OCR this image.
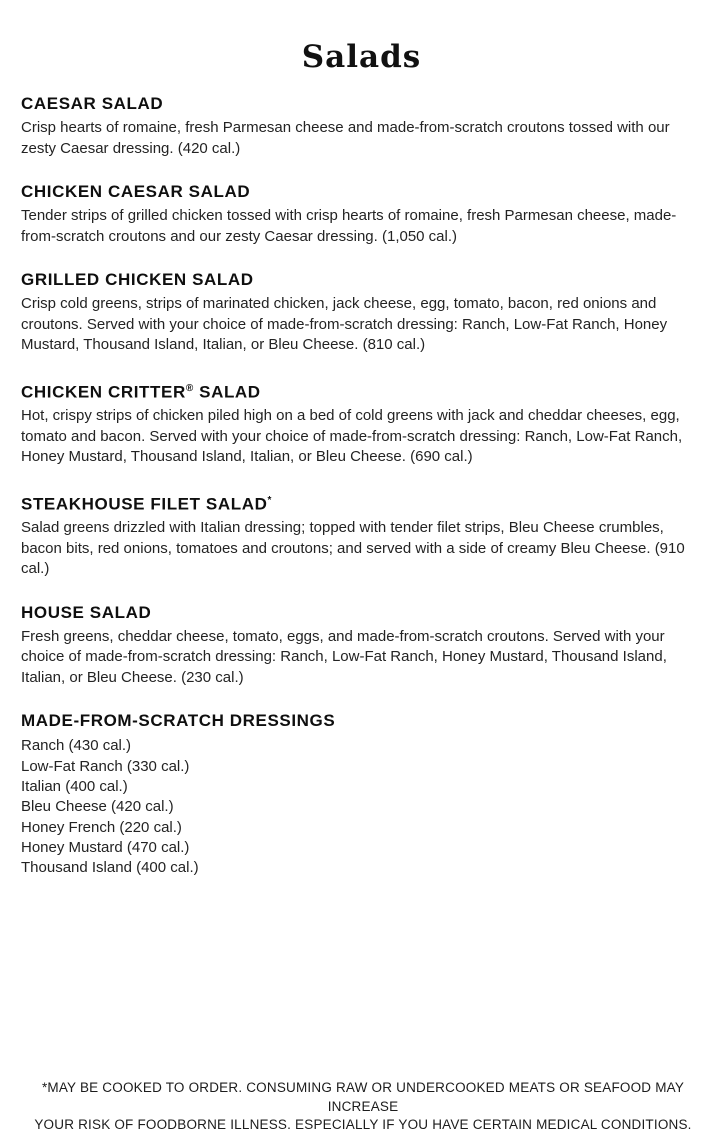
Salads
CAESAR SALAD

Crisp hearts of romaine, fresh Parmesan cheese and made-from-scratch croutons tossed with our zesty Caesar dressing. (420 cal.)

CHICKEN CAESAR SALAD

Tender strips of grilled chicken tossed with crisp hearts of romaine, fresh Parmesan cheese, made-from-scratch croutons and our zesty Caesar dressing. (1,050 cal.)

GRILLED CHICKEN SALAD

Crisp cold greens, strips of marinated chicken, jack cheese, egg, tomato, bacon, red onions and croutons. Served with your choice of made-from-scratch dressing: Ranch, Low-Fat Ranch, Honey Mustard, Thousand Island, Italian, or Bleu Cheese. (810 cal.)

CHICKEN CRITTER® SALAD

Hot, crispy strips of chicken piled high on a bed of cold greens with jack and cheddar cheeses, egg, tomato and bacon. Served with your choice of made-from-scratch dressing: Ranch, Low-Fat Ranch, Honey Mustard, Thousand Island, Italian, or Bleu Cheese. (690 cal.)

STEAKHOUSE FILET SALAD*

Salad greens drizzled with Italian dressing; topped with tender filet strips, Bleu Cheese crumbles, bacon bits, red onions, tomatoes and croutons; and served with a side of creamy Bleu Cheese. (910 cal.)

HOUSE SALAD

Fresh greens, cheddar cheese, tomato, eggs, and made-from-scratch croutons. Served with your choice of made-from-scratch dressing: Ranch, Low-Fat Ranch, Honey Mustard, Thousand Island, Italian, or Bleu Cheese. (230 cal.)

MADE-FROM-SCRATCH DRESSINGS
Ranch (430 cal.)
Low-Fat Ranch (330 cal.)
Italian (400 cal.)
Bleu Cheese (420 cal.)
Honey French (220 cal.)
Honey Mustard (470 cal.)
Thousand Island (400 cal.)
*MAY BE COOKED TO ORDER. CONSUMING RAW OR UNDERCOOKED MEATS OR SEAFOOD MAY INCREASE
YOUR RISK OF FOODBORNE ILLNESS. ESPECIALLY IF YOU HAVE CERTAIN MEDICAL CONDITIONS.
